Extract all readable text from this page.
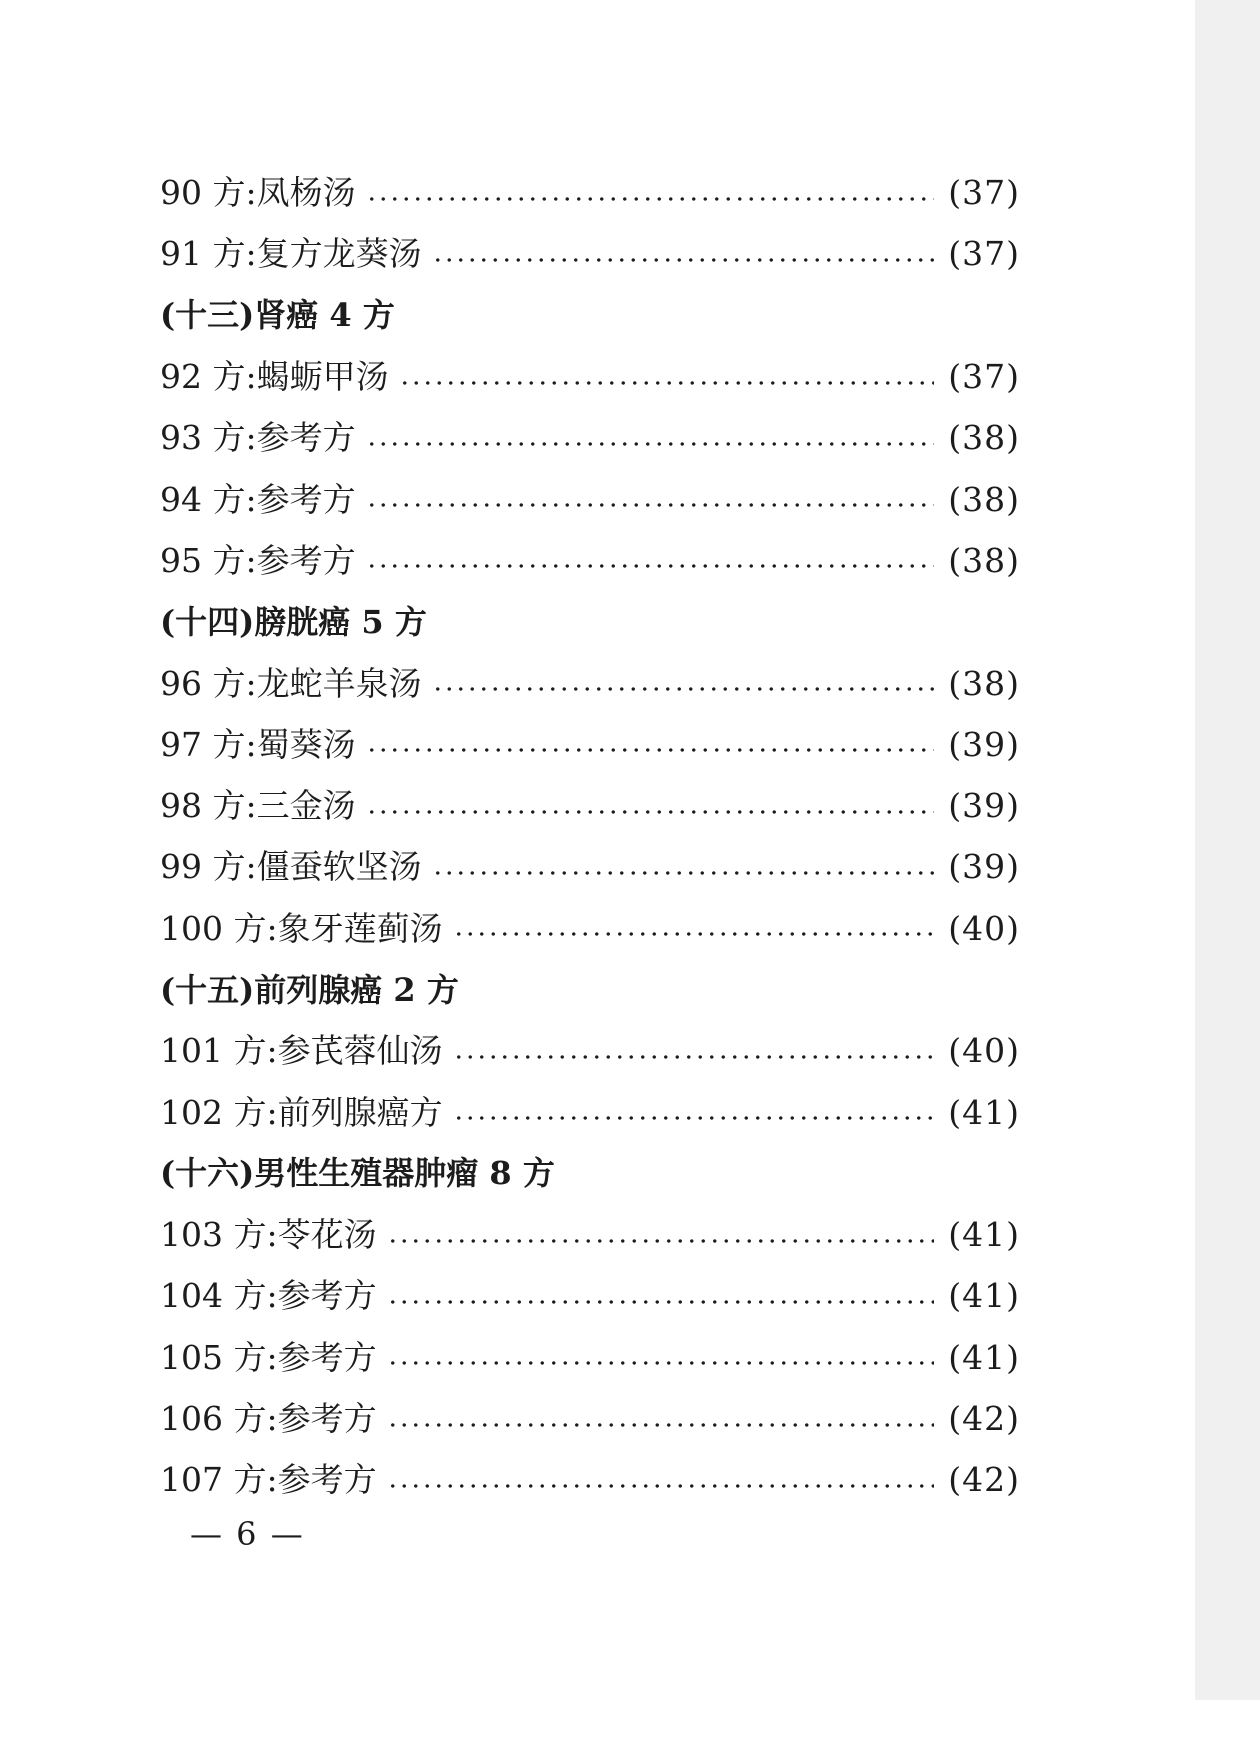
90 方:凤杨汤	(37)
91 方:复方龙葵汤	(37)
(十三)肾癌 4 方
92 方:蝎蛎甲汤	(37)
93 方:参考方	(38)
94 方:参考方	(38)
95 方:参考方	(38)
(十四)膀胱癌 5 方
96 方:龙蛇羊泉汤	(38)
97 方:蜀葵汤	(39)
98 方:三金汤	(39)
99 方:僵蚕软坚汤	(39)
100 方:象牙莲蓟汤	(40)
(十五)前列腺癌 2 方
101 方:参芪蓉仙汤	(40)
102 方:前列腺癌方	(41)
(十六)男性生殖器肿瘤 8 方
103 方:苓花汤	(41)
104 方:参考方	(41)
105 方:参考方	(41)
106 方:参考方	(42)
107 方:参考方	(42)
— 6 —
